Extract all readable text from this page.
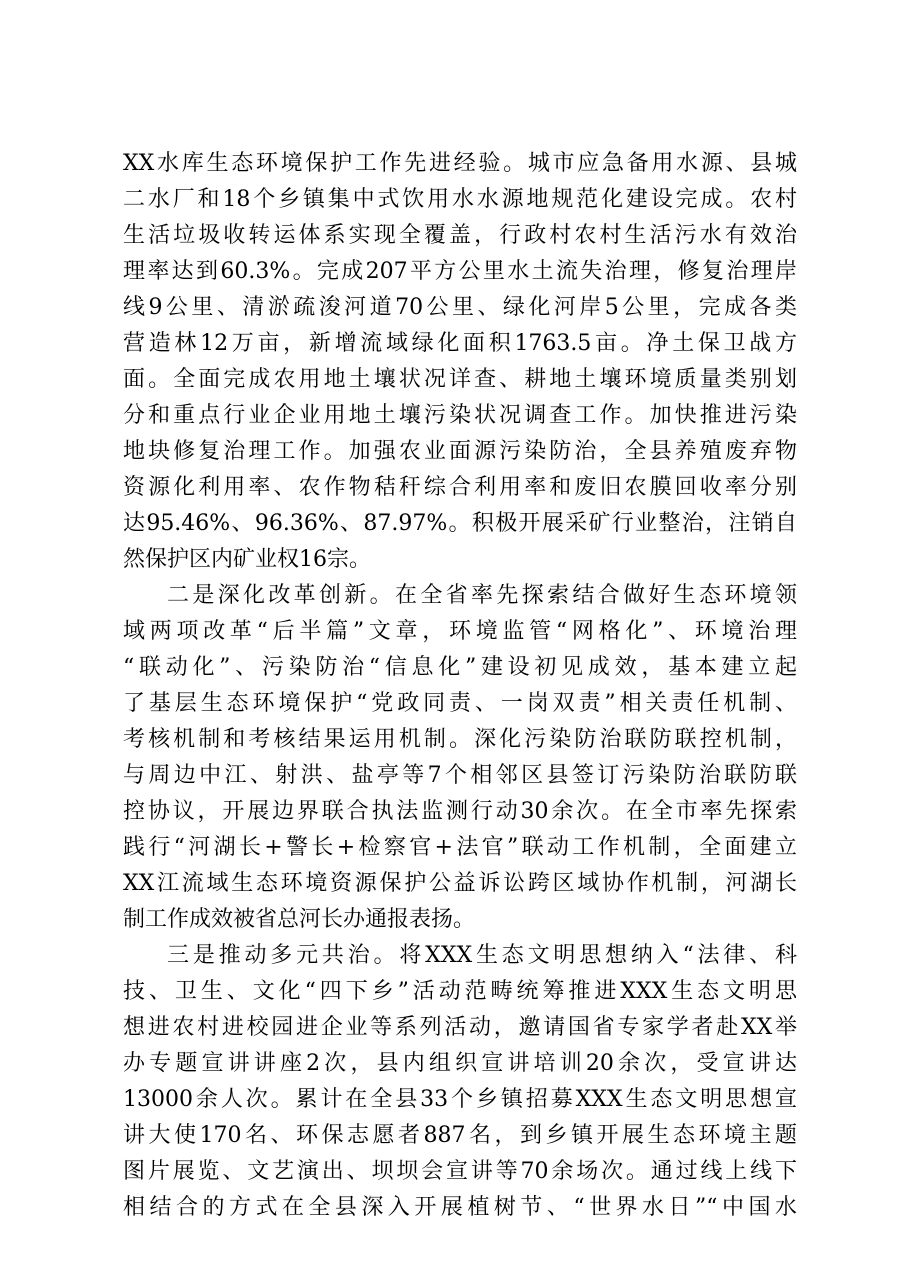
XX水库生态环境保护工作先进经验。城市应急备用水源、县城
二水厂和18个乡镇集中式饮用水水源地规范化建设完成。农村
生活垃圾收转运体系实现全覆盖，行政村农村生活污水有效治
理率达到60.3%。完成207平方公里水土流失治理，修复治理岸
线9公里、清淤疏浚河道70公里、绿化河岸5公里，完成各类
营造林12万亩，新增流域绿化面积1763.5亩。净土保卫战方
面。全面完成农用地土壤状况详查、耕地土壤环境质量类别划
分和重点行业企业用地土壤污染状况调查工作。加快推进污染
地块修复治理工作。加强农业面源污染防治，全县养殖废弃物
资源化利用率、农作物秸秆综合利用率和废旧农膜回收率分别
达95.46%、96.36%、87.97%。积极开展采矿行业整治，注销自
然保护区内矿业权16宗。
二是深化改革创新。在全省率先探索结合做好生态环境领
域两项改革“后半篇”文章，环境监管“网格化”、环境治理
“联动化”、污染防治“信息化”建设初见成效，基本建立起
了基层生态环境保护“党政同责、一岗双责”相关责任机制、
考核机制和考核结果运用机制。深化污染防治联防联控机制，
与周边中江、射洪、盐亭等7个相邻区县签订污染防治联防联
控协议，开展边界联合执法监测行动30余次。在全市率先探索
践行“河湖长+警长+检察官+法官”联动工作机制，全面建立
XX江流域生态环境资源保护公益诉讼跨区域协作机制，河湖长
制工作成效被省总河长办通报表扬。
三是推动多元共治。将XXX生态文明思想纳入“法律、科
技、卫生、文化“四下乡”活动范畴统筹推进XXX生态文明思
想进农村进校园进企业等系列活动，邀请国省专家学者赴XX举
办专题宣讲讲座2次，县内组织宣讲培训20余次，受宣讲达
13000余人次。累计在全县33个乡镇招募XXX生态文明思想宣
讲大使170名、环保志愿者887名，到乡镇开展生态环境主题
图片展览、文艺演出、坝坝会宣讲等70余场次。通过线上线下
相结合的方式在全县深入开展植树节、“世界水日”“中国水
